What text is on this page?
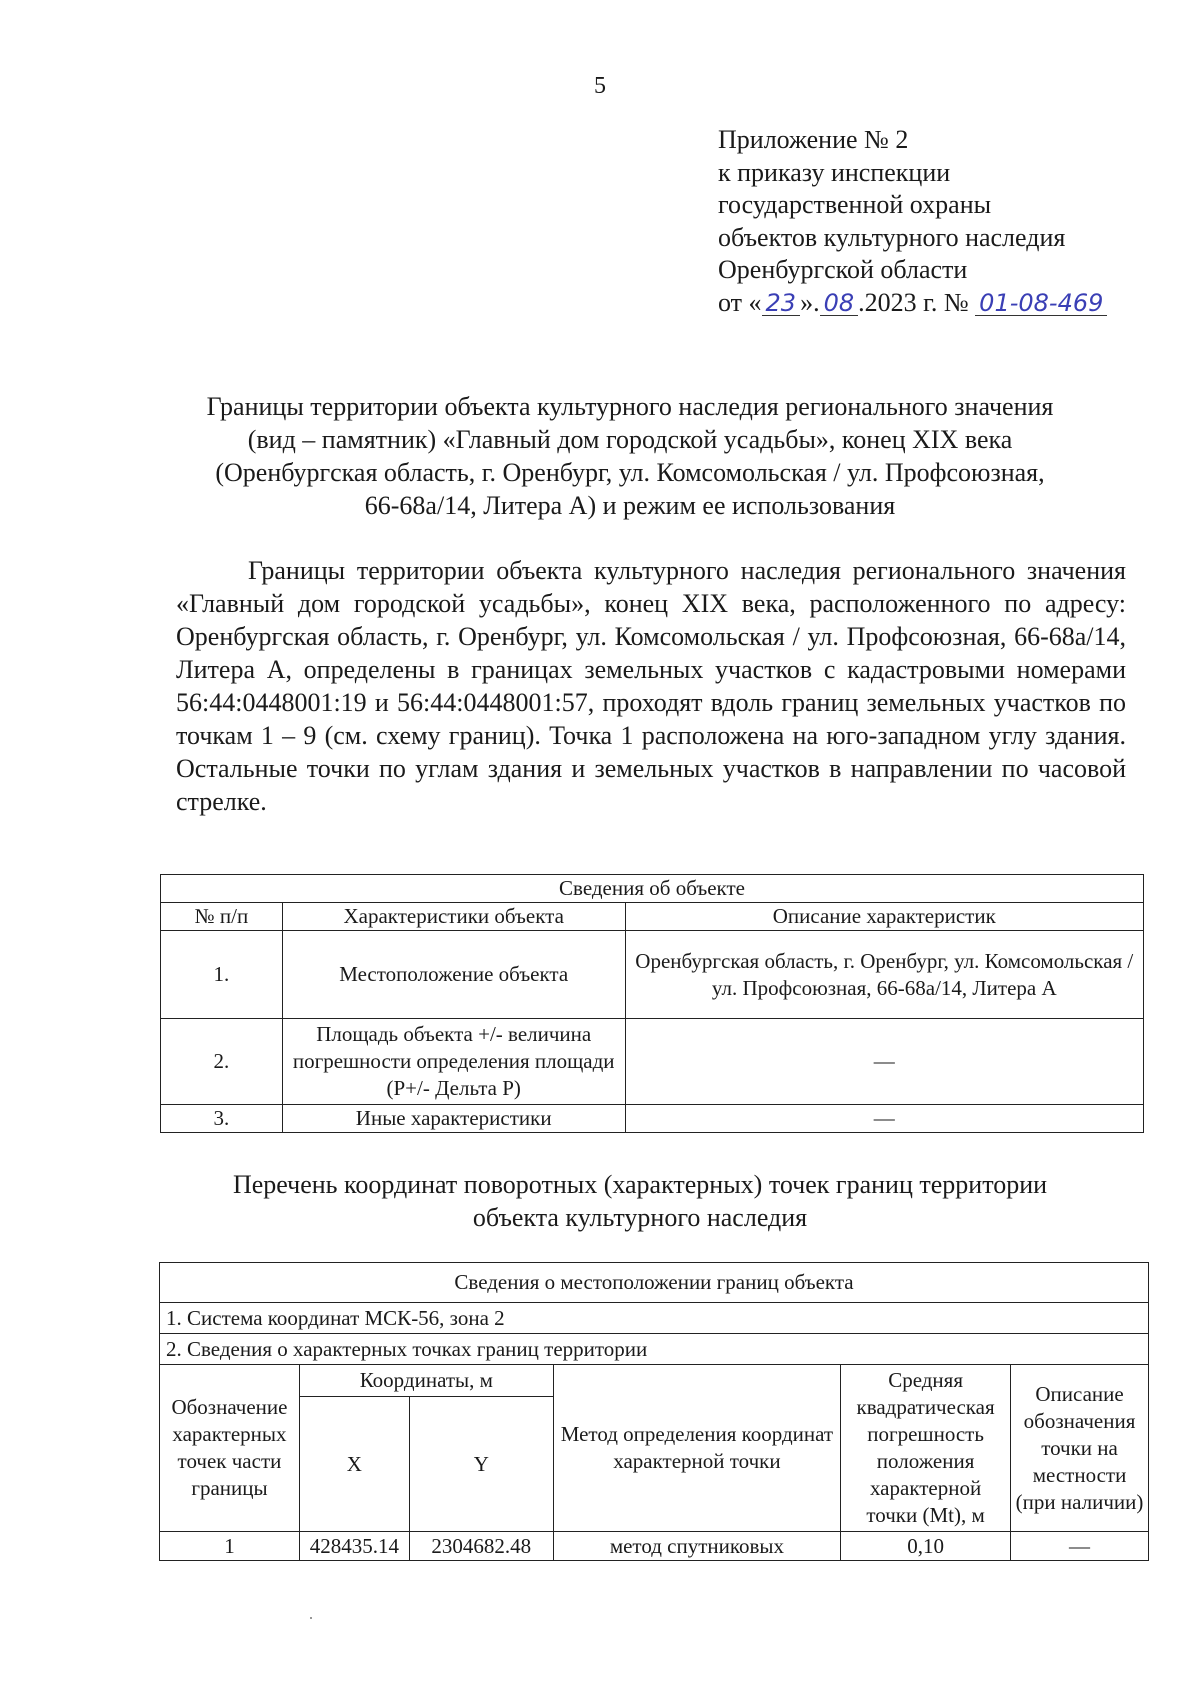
5
Приложение № 2
к приказу инспекции
государственной охраны
объектов культурного наследия
Оренбургской области
от « 23 ». 08 .2023 г. № 01-08-469
Границы территории объекта культурного наследия регионального значения
(вид – памятник) «Главный дом городской усадьбы», конец XIX века
(Оренбургская область, г. Оренбург, ул. Комсомольская / ул. Профсоюзная,
66-68а/14, Литера А) и режим ее использования
Границы территории объекта культурного наследия регионального значения «Главный дом городской усадьбы», конец XIX века, расположенного по адресу: Оренбургская область, г. Оренбург, ул. Комсомольская / ул. Профсоюзная, 66-68а/14, Литера А, определены в границах земельных участков с кадастровыми номерами 56:44:0448001:19 и 56:44:0448001:57, проходят вдоль границ земельных участков по точкам 1 – 9 (см. схему границ). Точка 1 расположена на юго-западном углу здания. Остальные точки по углам здания и земельных участков в направлении по часовой стрелке.
Сведения об объекте		
№ п/п	Характеристики объекта	Описание характеристик
1.	Местоположение объекта	Оренбургская область, г. Оренбург, ул. Комсомольская / ул. Профсоюзная, 66-68а/14, Литера А
2.	Площадь объекта +/- величина погрешности определения площади (Р+/- Дельта Р)	—
3.	Иные характеристики	—
Перечень координат поворотных (характерных) точек границ территории
объекта культурного наследия
Сведения о местоположении границ объекта					
1. Система координат МСК-56, зона 2					
2. Сведения о характерных точках границ территории					
Обозначение характерных точек части границы	Координаты, м		Метод определения координат характерной точки	Средняя квадратическая погрешность положения характерной точки (Mt), м	Описание обозначения точки на местности (при наличии)
	X	Y			
1	428435.14	2304682.48	метод спутниковых	0,10	—
